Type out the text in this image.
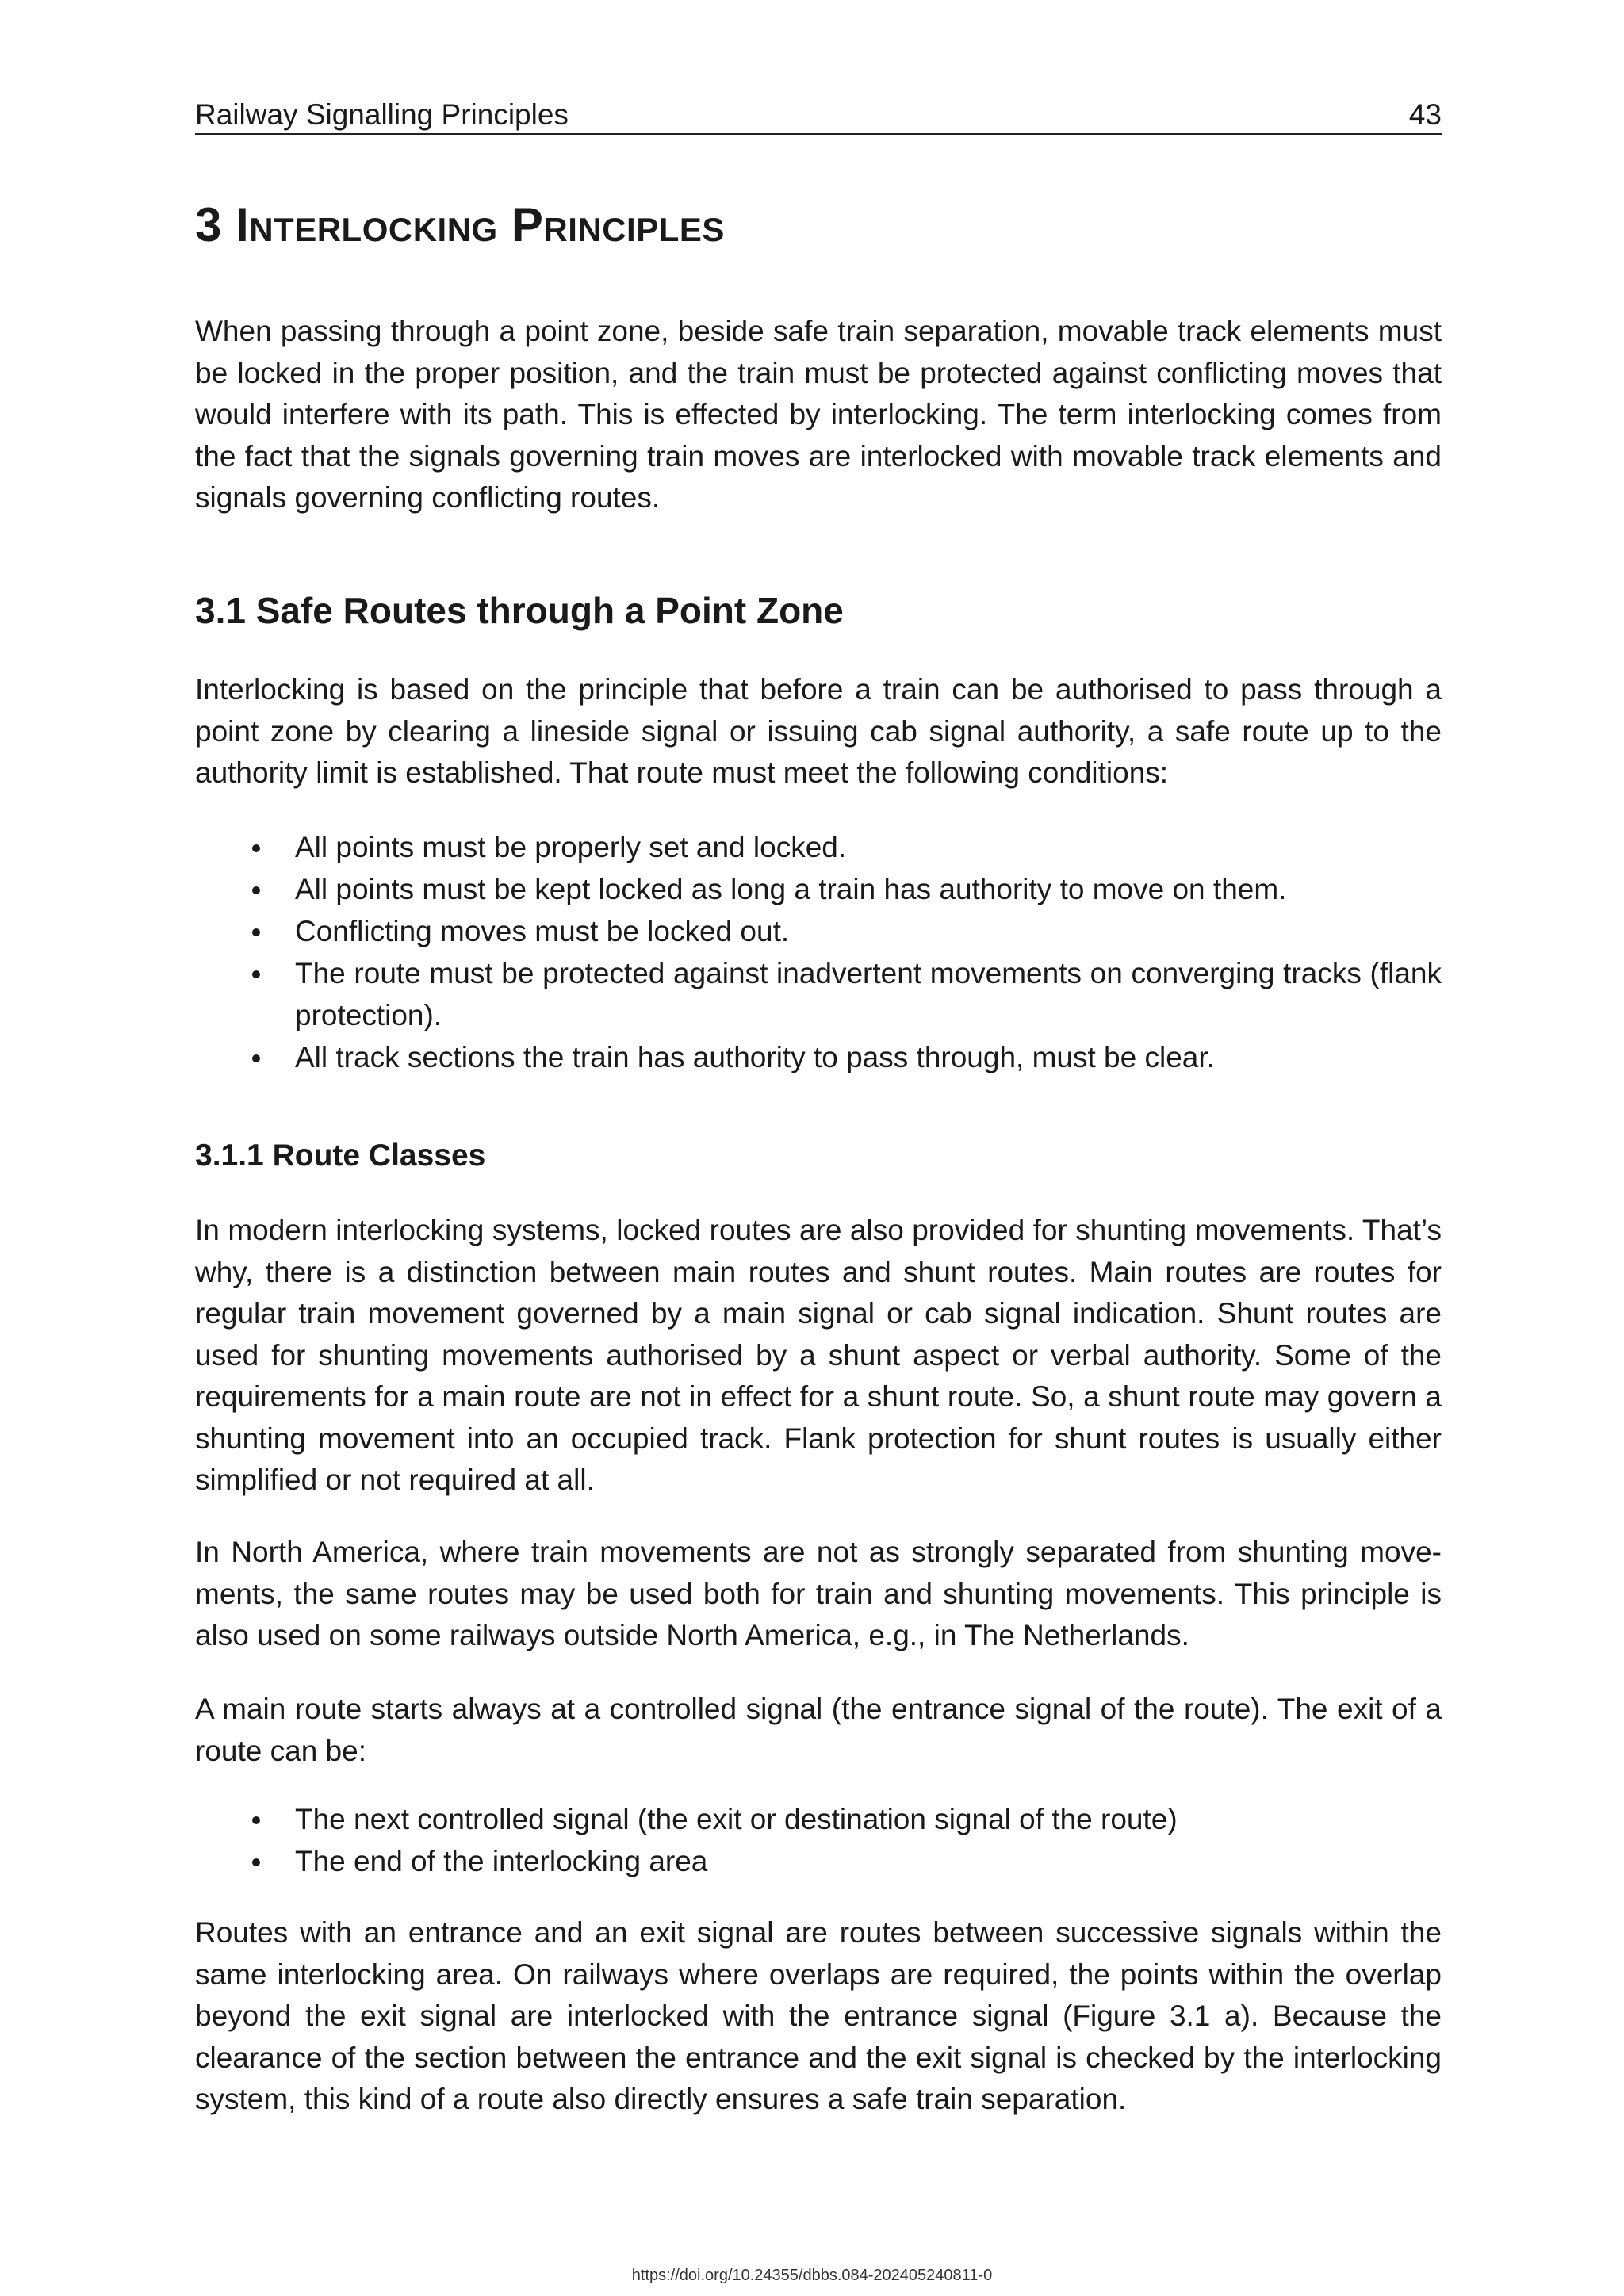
Railway Signalling Principles	43
3 Interlocking Principles

When passing through a point zone, beside safe train separation, movable track elements must be locked in the proper position, and the train must be protected against conflicting moves that would interfere with its path. This is effected by interlocking. The term interlocking comes from the fact that the signals governing train moves are interlocked with movable track elements and signals governing conflicting routes.

3.1 Safe Routes through a Point Zone

Interlocking is based on the principle that before a train can be authorised to pass through a point zone by clearing a lineside signal or issuing cab signal authority, a safe route up to the authority limit is established. That route must meet the following conditions:

All points must be properly set and locked.
All points must be kept locked as long a train has authority to move on them.
Conflicting moves must be locked out.
The route must be protected against inadvertent movements on converging tracks (flank protection).
All track sections the train has authority to pass through, must be clear.
3.1.1 Route Classes

In modern interlocking systems, locked routes are also provided for shunting movements. That’s why, there is a distinction between main routes and shunt routes. Main routes are routes for regular train movement governed by a main signal or cab signal indication. Shunt routes are used for shunting movements authorised by a shunt aspect or verbal authority. Some of the requirements for a main route are not in effect for a shunt route. So, a shunt route may govern a shunting movement into an occupied track. Flank protection for shunt routes is usually either simplified or not required at all.

In North America, where train movements are not as strongly separated from shunting movements, the same routes may be used both for train and shunting movements. This principle is also used on some railways outside North America, e.g., in The Netherlands.

A main route starts always at a controlled signal (the entrance signal of the route). The exit of a route can be:

The next controlled signal (the exit or destination signal of the route)
The end of the interlocking area

Routes with an entrance and an exit signal are routes between successive signals within the same interlocking area. On railways where overlaps are required, the points within the overlap beyond the exit signal are interlocked with the entrance signal (Figure 3.1 a). Because the clearance of the section between the entrance and the exit signal is checked by the interlocking system, this kind of a route also directly ensures a safe train separation.

https://doi.org/10.24355/dbbs.084-202405240811-0
